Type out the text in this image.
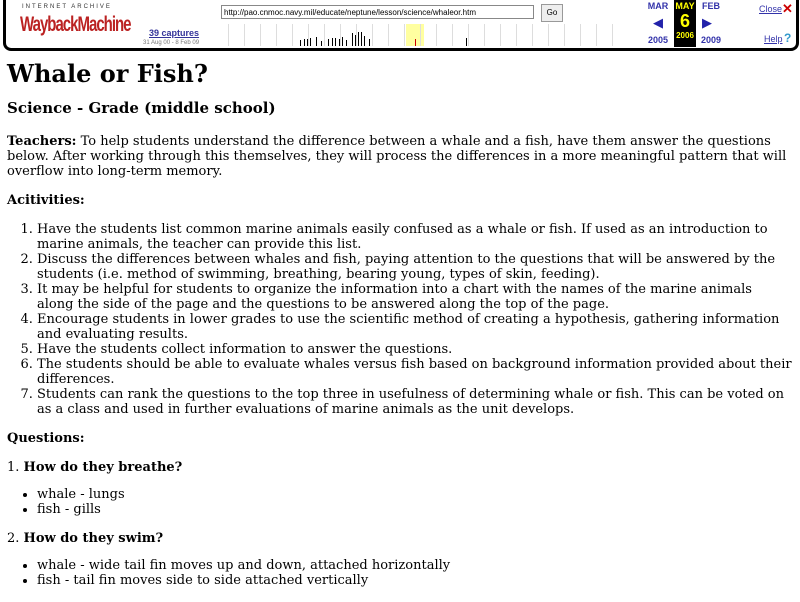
INTERNET ARCHIVE
WaybackMachine
http://pao.cnmoc.navy.mil/educate/neptune/lesson/science/whaleor.htm	Go
39 captures
31 Aug 00 - 8 Feb 09
MAR
◀
2005
MAY
6
2006
FEB
▶
2009
Close ✕
Help ?
Whale or Fish?
Science - Grade (middle school)

Teachers: To help students understand the difference between a whale and a fish, have them answer the questions below. After working through this themselves, they will process the differences in a more meaningful pattern that will overflow into long-term memory.

Acitivities:

1. Have the students list common marine animals easily confused as a whale or fish. If used as an introduction to marine animals, the teacher can provide this list.
2. Discuss the differences between whales and fish, paying attention to the questions that will be answered by the students (i.e. method of swimming, breathing, bearing young, types of skin, feeding).
3. It may be helpful for students to organize the information into a chart with the names of the marine animals along the side of the page and the questions to be answered along the top of the page.
4. Encourage students in lower grades to use the scientific method of creating a hypothesis, gathering information and evaluating results.
5. Have the students collect information to answer the questions.
6. The students should be able to evaluate whales versus fish based on background information provided about their differences.
7. Students can rank the questions to the top three in usefulness of determining whale or fish. This can be voted on as a class and used in further evaluations of marine animals as the unit develops.

Questions:

1. How do they breathe?
• whale - lungs
• fish - gills
2. How do they swim?
• whale - wide tail fin moves up and down, attached horizontally
• fish - tail fin moves side to side attached vertically
